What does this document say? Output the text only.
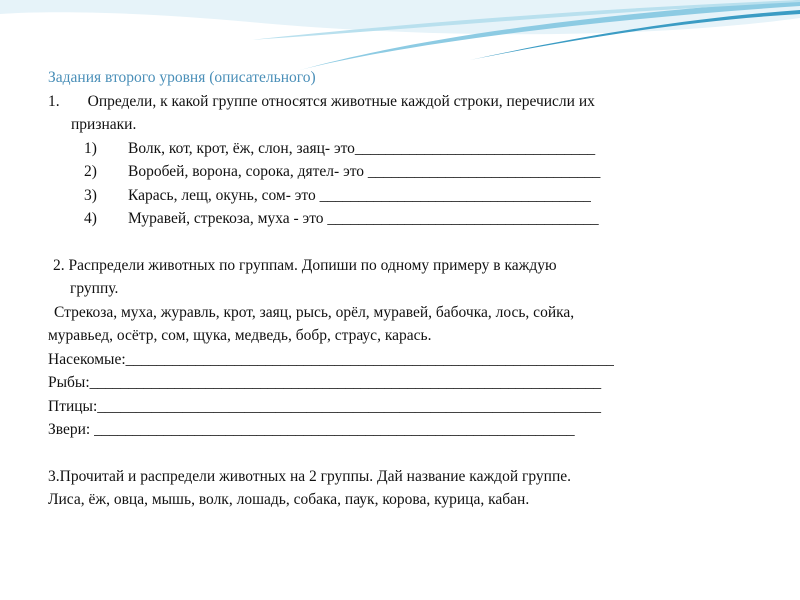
Задания второго уровня (описательного)
1. Определи, к какой группе относятся животные каждой строки, перечисли их
признаки.
1) Волк, кот, крот, ёж, слон, заяц- это_______________________________
2) Воробей, ворона, сорока, дятел- это ______________________________
3) Карась, лещ, окунь, сом- это ___________________________________
4) Муравей, стрекоза, муха - это ___________________________________
2. Распредели животных по группам. Допиши по одному примеру в каждую
группу.
Стрекоза, муха, журавль, крот, заяц, рысь, орёл, муравей, бабочка, лось, сойка,
муравьед, осётр, сом, щука, медведь, бобр, страус, карась.
Насекомые:_______________________________________________________________
Рыбы:__________________________________________________________________
Птицы:_________________________________________________________________
Звери: ______________________________________________________________
3.Прочитай и распредели животных на 2 группы. Дай название каждой группе.
Лиса, ёж, овца, мышь, волк, лошадь, собака, паук, корова, курица, кабан.
